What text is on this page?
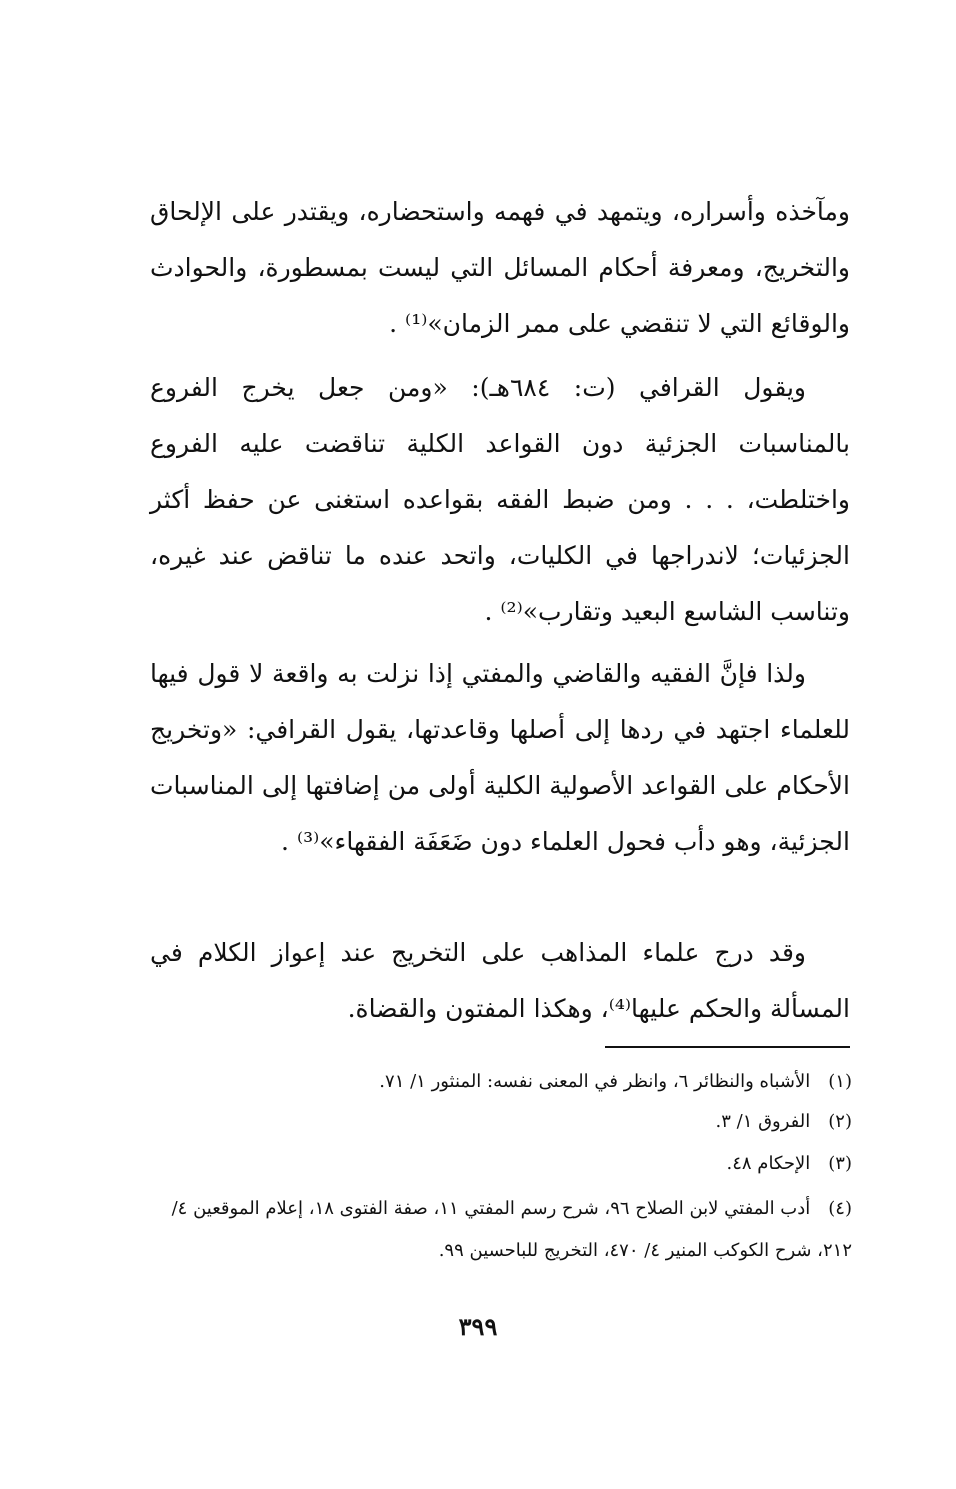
ومآخذه وأسراره، ويتمهد في فهمه واستحضاره، ويقتدر على الإلحاق والتخريج، ومعرفة أحكام المسائل التي ليست بمسطورة، والحوادث والوقائع التي لا تنقضي على ممر الزمان»⁽¹⁾ .

ويقول القرافي (ت: ٦٨٤هـ): «ومن جعل يخرج الفروع بالمناسبات الجزئية دون القواعد الكلية تناقضت عليه الفروع واختلطت، . . . ومن ضبط الفقه بقواعده استغنى عن حفظ أكثر الجزئيات؛ لاندراجها في الكليات، واتحد عنده ما تناقض عند غيره، وتناسب الشاسع البعيد وتقارب»⁽²⁾ .

ولذا فإنَّ الفقيه والقاضي والمفتي إذا نزلت به واقعة لا قول فيها للعلماء اجتهد في ردها إلى أصلها وقاعدتها، يقول القرافي: «وتخريج الأحكام على القواعد الأصولية الكلية أولى من إضافتها إلى المناسبات الجزئية، وهو دأب فحول العلماء دون ضَعَفَة الفقهاء»⁽³⁾ .

وقد درج علماء المذاهب على التخريج عند إعواز الكلام في المسألة والحكم عليها⁽⁴⁾، وهكذا المفتون والقضاة.

(١) الأشباه والنظائر ٦، وانظر في المعنى نفسه: المنثور ١/ ٧١.

(٢) الفروق ١/ ٣.

(٣) الإحكام ٤٨.

(٤) أدب المفتي لابن الصلاح ٩٦، شرح رسم المفتي ١١، صفة الفتوى ١٨، إعلام الموقعين ٤/ ٢١٢، شرح الكوكب المنير ٤/ ٤٧٠، التخريج للباحسين ٩٩.

٣٩٩
